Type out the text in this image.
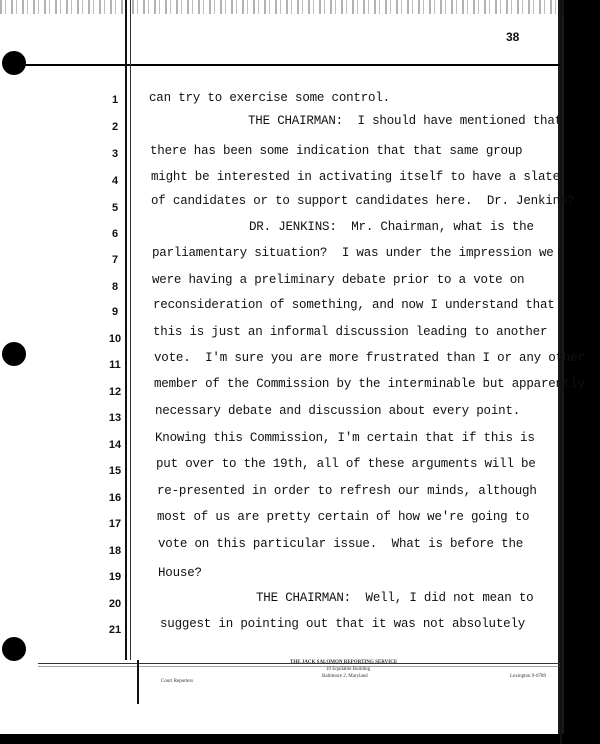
38
1
2
3
4
5
6
7
8
9
10
11
12
13
14
15
16
17
18
19
20
21
can try to exercise some control.
THE CHAIRMAN:  I should have mentioned that
there has been some indication that that same group
might be interested in activating itself to have a slate
of candidates or to support candidates here.  Dr. Jenkins?
DR. JENKINS:  Mr. Chairman, what is the
parliamentary situation?  I was under the impression we
were having a preliminary debate prior to a vote on
reconsideration of something, and now I understand that
this is just an informal discussion leading to another
vote.  I'm sure you are more frustrated than I or any other
member of the Commission by the interminable but apparently
necessary debate and discussion about every point.
Knowing this Commission, I'm certain that if this is
put over to the 19th, all of these arguments will be
re-presented in order to refresh our minds, although
most of us are pretty certain of how we're going to
vote on this particular issue.  What is before the
House?
THE CHAIRMAN:  Well, I did not mean to
suggest in pointing out that it was not absolutely
Court Reporters
THE JACK SALOMON REPORTING SERVICE
10 Equitable Building
Baltimore 2, Maryland	Lexington 9-6789
